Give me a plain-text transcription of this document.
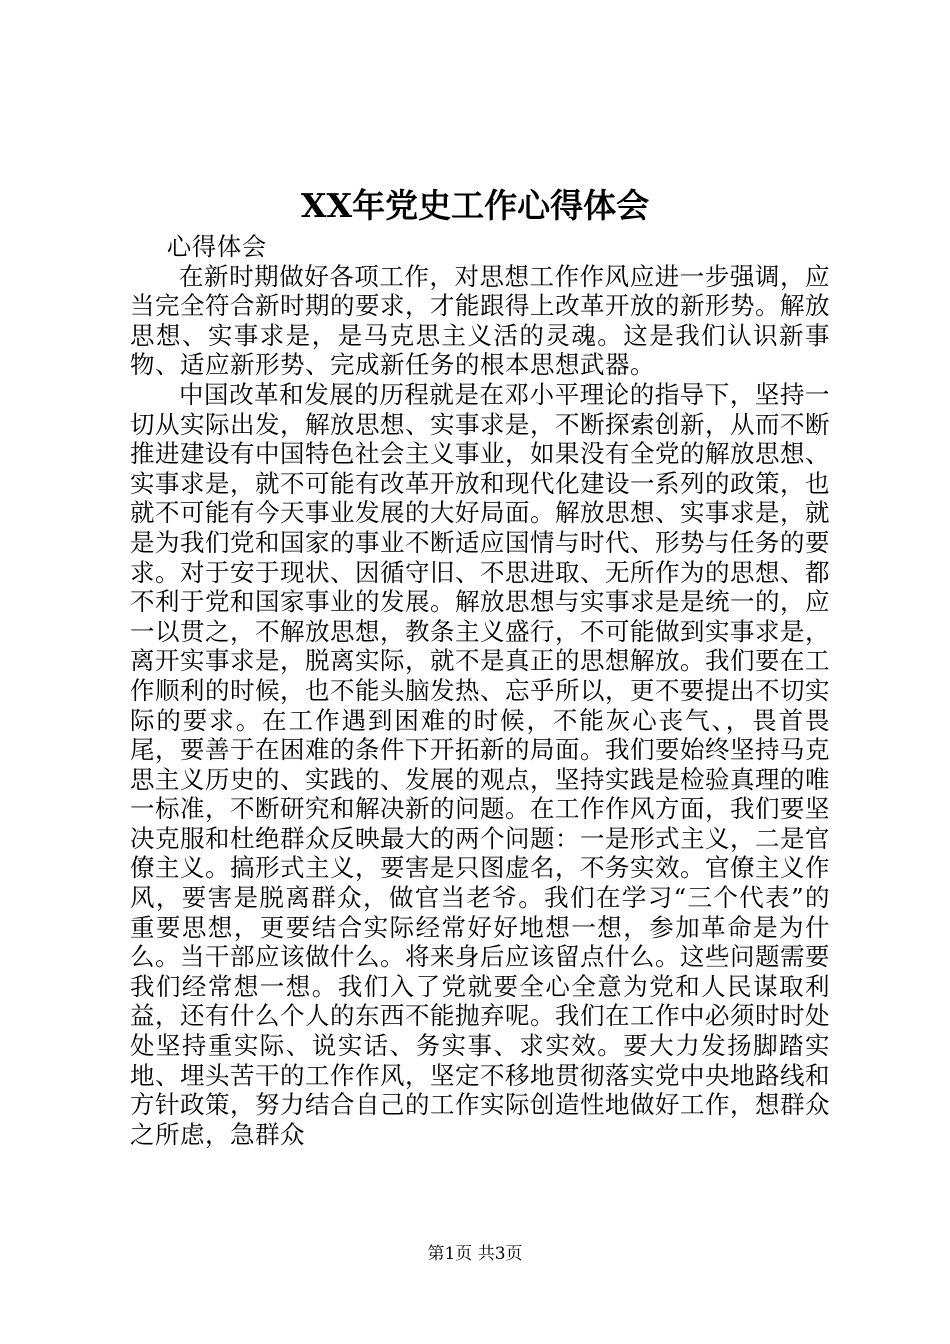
XX年党史工作心得体会

心得体会

在新时期做好各项工作，对思想工作作风应进一步强调，应当完全符合新时期的要求，才能跟得上改革开放的新形势。解放思想、实事求是，是马克思主义活的灵魂。这是我们认识新事物、适应新形势、完成新任务的根本思想武器。

中国改革和发展的历程就是在邓小平理论的指导下，坚持一切从实际出发，解放思想、实事求是，不断探索创新，从而不断推进建设有中国特色社会主义事业，如果没有全党的解放思想、实事求是，就不可能有改革开放和现代化建设一系列的政策，也就不可能有今天事业发展的大好局面。解放思想、实事求是，就是为我们党和国家的事业不断适应国情与时代、形势与任务的要求。对于安于现状、因循守旧、不思进取、无所作为的思想、都不利于党和国家事业的发展。解放思想与实事求是是统一的，应一以贯之，不解放思想，教条主义盛行，不可能做到实事求是，离开实事求是，脱离实际，就不是真正的思想解放。我们要在工作顺利的时候，也不能头脑发热、忘乎所以，更不要提出不切实际的要求。在工作遇到困难的时候，不能灰心丧气、，畏首畏尾，要善于在困难的条件下开拓新的局面。我们要始终坚持马克思主义历史的、实践的、发展的观点，坚持实践是检验真理的唯一标准，不断研究和解决新的问题。在工作作风方面，我们要坚决克服和杜绝群众反映最大的两个问题：一是形式主义，二是官僚主义。搞形式主义，要害是只图虚名，不务实效。官僚主义作风，要害是脱离群众，做官当老爷。我们在学习“三个代表”的重要思想，更要结合实际经常好好地想一想，参加革命是为什么。当干部应该做什么。将来身后应该留点什么。这些问题需要我们经常想一想。我们入了党就要全心全意为党和人民谋取利益，还有什么个人的东西不能抛弃呢。我们在工作中必须时时处处坚持重实际、说实话、务实事、求实效。要大力发扬脚踏实地、埋头苦干的工作作风，坚定不移地贯彻落实党中央地路线和方针政策，努力结合自己的工作实际创造性地做好工作，想群众之所虑，急群众

第1页 共3页
